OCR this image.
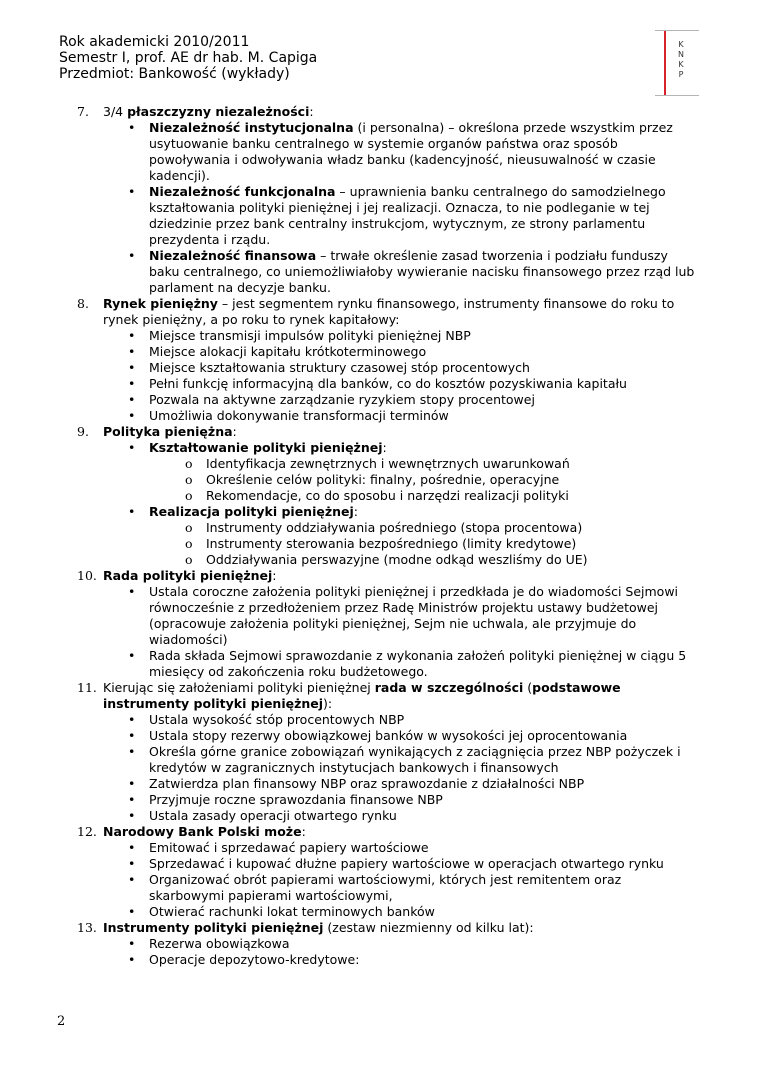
Rok akademicki 2010/2011
Semestr I, prof. AE dr hab. M. Capiga
Przedmiot: Bankowość (wykłady)
K
N
K
P
7. 3/4 płaszczyzny niezależności:
• Niezależność instytucjonalna (i personalna) – określona przede wszystkim przez usytuowanie banku centralnego w systemie organów państwa oraz sposób powoływania i odwoływania władz banku (kadencyjność, nieusuwalność w czasie kadencji).
• Niezależność funkcjonalna – uprawnienia banku centralnego do samodzielnego kształtowania polityki pieniężnej i jej realizacji. Oznacza, to nie podleganie w tej dziedzinie przez bank centralny instrukcjom, wytycznym, ze strony parlamentu prezydenta i rządu.
• Niezależność finansowa – trwałe określenie zasad tworzenia i podziału funduszy baku centralnego, co uniemożliwiałoby wywieranie nacisku finansowego przez rząd lub parlament na decyzje banku.
8. Rynek pieniężny – jest segmentem rynku finansowego, instrumenty finansowe do roku to rynek pieniężny, a po roku to rynek kapitałowy:
• Miejsce transmisji impulsów polityki pieniężnej NBP
• Miejsce alokacji kapitału krótkoterminowego
• Miejsce kształtowania struktury czasowej stóp procentowych
• Pełni funkcję informacyjną dla banków, co do kosztów pozyskiwania kapitału
• Pozwala na aktywne zarządzanie ryzykiem stopy procentowej
• Umożliwia dokonywanie transformacji terminów
9. Polityka pieniężna:
• Kształtowanie polityki pieniężnej:
o Identyfikacja zewnętrznych i wewnętrznych uwarunkowań
o Określenie celów polityki: finalny, pośrednie, operacyjne
o Rekomendacje, co do sposobu i narzędzi realizacji polityki
• Realizacja polityki pieniężnej:
o Instrumenty oddziaływania pośredniego (stopa procentowa)
o Instrumenty sterowania bezpośredniego (limity kredytowe)
o Oddziaływania perswazyjne (modne odkąd weszliśmy do UE)
10. Rada polityki pieniężnej:
• Ustala coroczne założenia polityki pieniężnej i przedkłada je do wiadomości Sejmowi równocześnie z przedłożeniem przez Radę Ministrów projektu ustawy budżetowej (opracowuje założenia polityki pieniężnej, Sejm nie uchwala, ale przyjmuje do wiadomości)
• Rada składa Sejmowi sprawozdanie z wykonania założeń polityki pieniężnej w ciągu 5 miesięcy od zakończenia roku budżetowego.
11. Kierując się założeniami polityki pieniężnej rada w szczególności (podstawowe instrumenty polityki pieniężnej):
• Ustala wysokość stóp procentowych NBP
• Ustala stopy rezerwy obowiązkowej banków w wysokości jej oprocentowania
• Określa górne granice zobowiązań wynikających z zaciągnięcia przez NBP pożyczek i kredytów w zagranicznych instytucjach bankowych i finansowych
• Zatwierdza plan finansowy NBP oraz sprawozdanie z działalności NBP
• Przyjmuje roczne sprawozdania finansowe NBP
• Ustala zasady operacji otwartego rynku
12. Narodowy Bank Polski może:
• Emitować i sprzedawać papiery wartościowe
• Sprzedawać i kupować dłużne papiery wartościowe w operacjach otwartego rynku
• Organizować obrót papierami wartościowymi, których jest remitentem oraz skarbowymi papierami wartościowymi,
• Otwierać rachunki lokat terminowych banków
13. Instrumenty polityki pieniężnej (zestaw niezmienny od kilku lat):
• Rezerwa obowiązkowa
• Operacje depozytowo-kredytowe:
2
